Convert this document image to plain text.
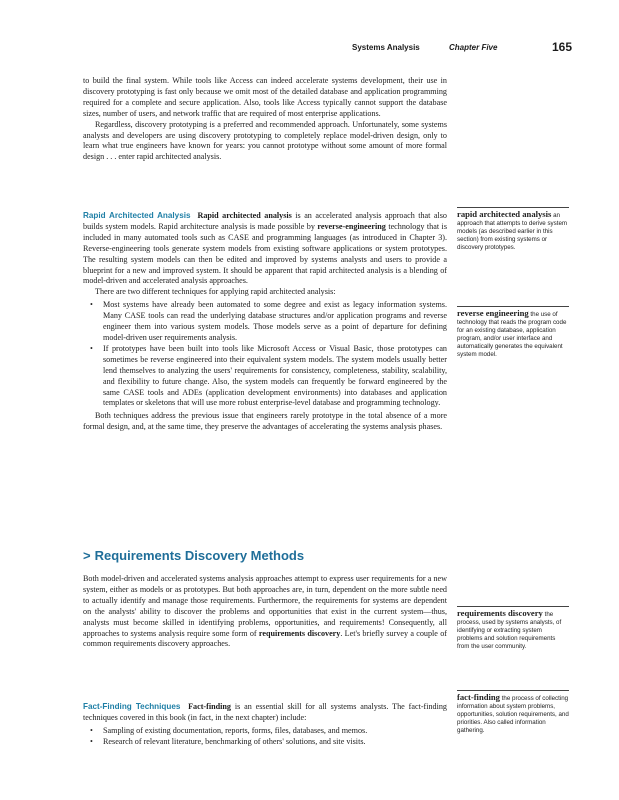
Systems Analysis	Chapter Five	165

to build the final system. While tools like Access can indeed accelerate systems development, their use in discovery prototyping is fast only because we omit most of the detailed database and application programming required for a complete and secure application. Also, tools like Access typically cannot support the database sizes, number of users, and network traffic that are required of most enterprise applications.

Regardless, discovery prototyping is a preferred and recommended approach. Unfortunately, some systems analysts and developers are using discovery prototyping to completely replace model-driven design, only to learn what true engineers have known for years: you cannot prototype without some amount of more formal design . . . enter rapid architected analysis.

Rapid Architected Analysis Rapid architected analysis is an accelerated analysis approach that also builds system models. Rapid architecture analysis is made possible by reverse-engineering technology that is included in many automated tools such as CASE and programming languages (as introduced in Chapter 3). Reverse-engineering tools generate system models from existing software applications or system prototypes. The resulting system models can then be edited and improved by systems analysts and users to provide a blueprint for a new and improved system. It should be apparent that rapid architected analysis is a blending of model-driven and accelerated analysis approaches.

There are two different techniques for applying rapid architected analysis:

• Most systems have already been automated to some degree and exist as legacy information systems. Many CASE tools can read the underlying database structures and/or application programs and reverse engineer them into various system models. Those models serve as a point of departure for defining model-driven user requirements analysis.
• If prototypes have been built into tools like Microsoft Access or Visual Basic, those prototypes can sometimes be reverse engineered into their equivalent system models. The system models usually better lend themselves to analyzing the users' requirements for consistency, completeness, stability, scalability, and flexibility to future change. Also, the system models can frequently be forward engineered by the same CASE tools and ADEs (application development environments) into databases and application templates or skeletons that will use more robust enterprise-level database and programming technology.

Both techniques address the previous issue that engineers rarely prototype in the total absence of a more formal design, and, at the same time, they preserve the advantages of accelerating the systems analysis phases.

> Requirements Discovery Methods

Both model-driven and accelerated systems analysis approaches attempt to express user requirements for a new system, either as models or as prototypes. But both approaches are, in turn, dependent on the more subtle need to actually identify and manage those requirements. Furthermore, the requirements for systems are dependent on the analysts' ability to discover the problems and opportunities that exist in the current system—thus, analysts must become skilled in identifying problems, opportunities, and requirements! Consequently, all approaches to systems analysis require some form of requirements discovery. Let's briefly survey a couple of common requirements discovery approaches.

Fact-Finding Techniques Fact-finding is an essential skill for all systems analysts. The fact-finding techniques covered in this book (in fact, in the next chapter) include:

• Sampling of existing documentation, reports, forms, files, databases, and memos.
• Research of relevant literature, benchmarking of others' solutions, and site visits.
rapid architected analysis an approach that attempts to derive system models (as described earlier in this section) from existing systems or discovery prototypes.
reverse engineering the use of technology that reads the program code for an existing database, application program, and/or user interface and automatically generates the equivalent system model.
requirements discovery the process, used by systems analysts, of identifying or extracting system problems and solution requirements from the user community.
fact-finding the process of collecting information about system problems, opportunities, solution requirements, and priorities. Also called information gathering.
